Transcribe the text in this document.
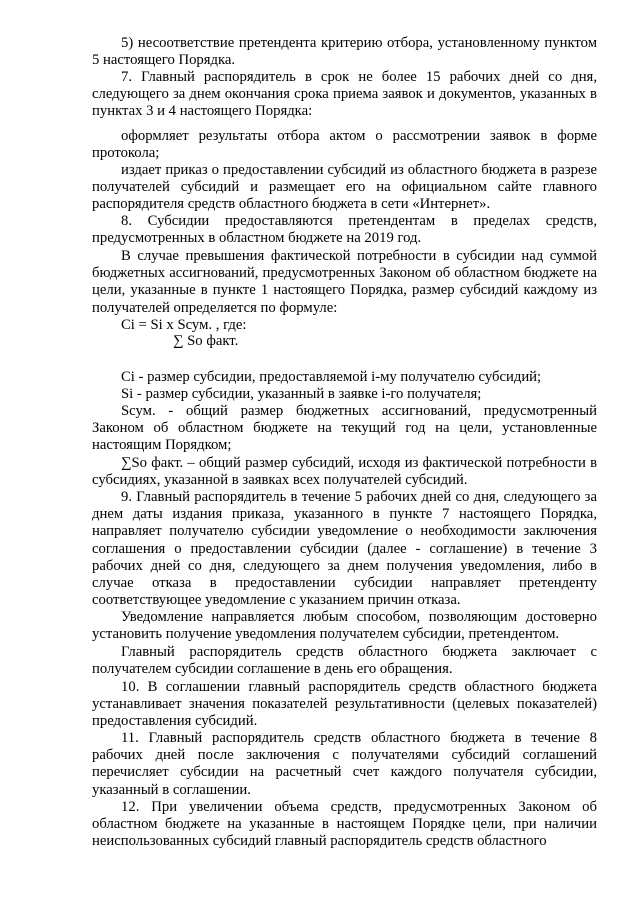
5) несоответствие претендента критерию отбора, установленному пунктом 5 настоящего Порядка.
7. Главный распорядитель в срок не более 15 рабочих дней со дня, следующего за днем окончания срока приема заявок и документов, указанных в пунктах 3 и 4 настоящего Порядка:
оформляет результаты отбора актом о рассмотрении заявок в форме протокола;
издает приказ о предоставлении субсидий из областного бюджета в разрезе получателей субсидий и размещает его на официальном сайте главного распорядителя средств областного бюджета в сети «Интернет».
8. Субсидии предоставляются претендентам в пределах средств, предусмотренных в областном бюджете на 2019 год.
В случае превышения фактической потребности в субсидии над суммой бюджетных ассигнований, предусмотренных Законом об областном бюджете на цели, указанные в пункте 1 настоящего Порядка, размер субсидий каждому из получателей определяется по формуле:
Ci = Si x Sсум. , где:
∑ So факт.
Ci - размер субсидии, предоставляемой i-му получателю субсидий;
Si - размер субсидии, указанный в заявке i-го получателя;
Sсум. - общий размер бюджетных ассигнований, предусмотренный Законом об областном бюджете на текущий год на цели, установленные настоящим Порядком;
∑So факт. – общий размер субсидий, исходя из фактической потребности в субсидиях, указанной в заявках всех получателей субсидий.
9. Главный распорядитель в течение 5 рабочих дней со дня, следующего за днем даты издания приказа, указанного в пункте 7 настоящего Порядка, направляет получателю субсидии уведомление о необходимости заключения соглашения о предоставлении субсидии (далее - соглашение) в течение 3 рабочих дней со дня, следующего за днем получения уведомления, либо в случае отказа в предоставлении субсидии направляет претенденту соответствующее уведомление с указанием причин отказа.
Уведомление направляется любым способом, позволяющим достоверно установить получение уведомления получателем субсидии, претендентом.
Главный распорядитель средств областного бюджета заключает с получателем субсидии соглашение в день его обращения.
10. В соглашении главный распорядитель средств областного бюджета устанавливает значения показателей результативности (целевых показателей) предоставления субсидий.
11. Главный распорядитель средств областного бюджета в течение 8 рабочих дней после заключения с получателями субсидий соглашений перечисляет субсидии на расчетный счет каждого получателя субсидии, указанный в соглашении.
12. При увеличении объема средств, предусмотренных Законом об областном бюджете на указанные в настоящем Порядке цели, при наличии неиспользованных субсидий главный распорядитель средств областного
